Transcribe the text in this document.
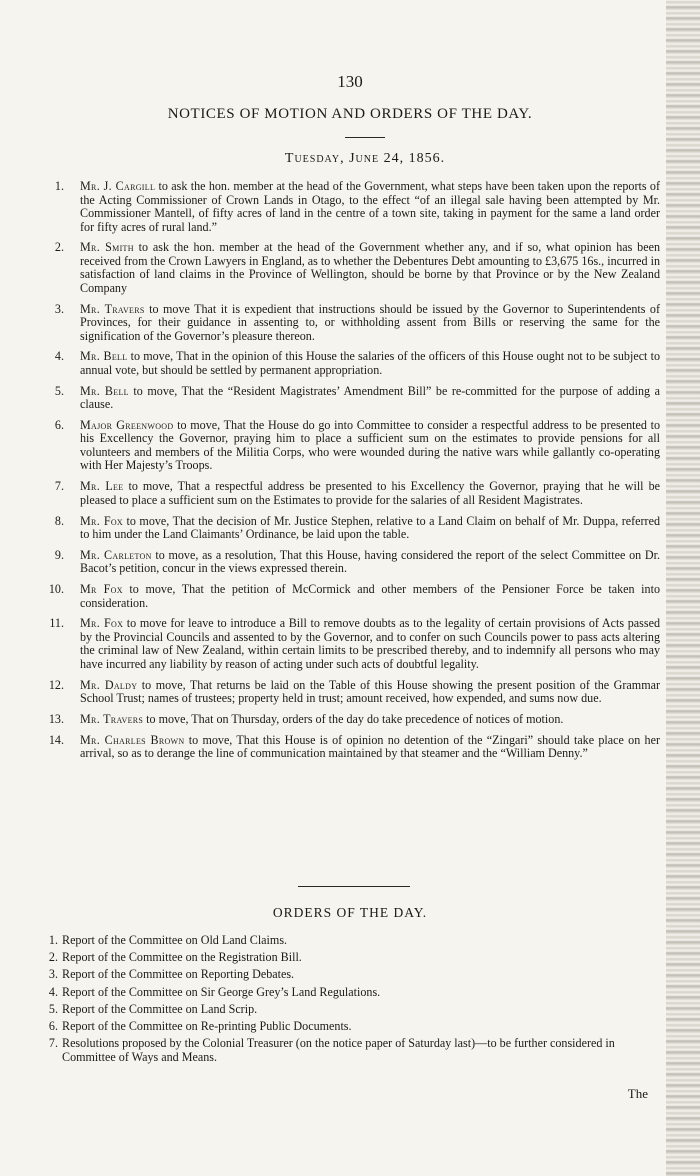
130
NOTICES OF MOTION AND ORDERS OF THE DAY.
Tuesday, June 24, 1856.
1. Mr. J. Cargill to ask the hon. member at the head of the Government, what steps have been taken upon the reports of the Acting Commissioner of Crown Lands in Otago, to the effect “of an illegal sale having been attempted by Mr. Commissioner Mantell, of fifty acres of land in the centre of a town site, taking in payment for the same a land order for fifty acres of rural land.”
2. Mr. Smith to ask the hon. member at the head of the Government whether any, and if so, what opinion has been received from the Crown Lawyers in England, as to whether the Debentures Debt amounting to £3,675 16s., incurred in satisfaction of land claims in the Province of Wellington, should be borne by that Province or by the New Zealand Company
3. Mr. Travers to move That it is expedient that instructions should be issued by the Governor to Superintendents of Provinces, for their guidance in assenting to, or withholding assent from Bills or reserving the same for the signification of the Governor’s pleasure thereon.
4. Mr. Bell to move, That in the opinion of this House the salaries of the officers of this House ought not to be subject to annual vote, but should be settled by permanent appropriation.
5. Mr. Bell to move, That the “Resident Magistrates’ Amendment Bill” be re-committed for the purpose of adding a clause.
6. Major Greenwood to move, That the House do go into Committee to consider a respectful address to be presented to his Excellency the Governor, praying him to place a sufficient sum on the estimates to provide pensions for all volunteers and members of the Militia Corps, who were wounded during the native wars while gallantly co-operating with Her Majesty’s Troops.
7. Mr. Lee to move, That a respectful address be presented to his Excellency the Governor, praying that he will be pleased to place a sufficient sum on the Estimates to provide for the salaries of all Resident Magistrates.
8. Mr. Fox to move, That the decision of Mr. Justice Stephen, relative to a Land Claim on behalf of Mr. Duppa, referred to him under the Land Claimants’ Ordinance, be laid upon the table.
9. Mr. Carleton to move, as a resolution, That this House, having considered the report of the select Committee on Dr. Bacot’s petition, concur in the views expressed therein.
10. Mr Fox to move, That the petition of McCormick and other members of the Pensioner Force be taken into consideration.
11. Mr. Fox to move for leave to introduce a Bill to remove doubts as to the legality of certain provisions of Acts passed by the Provincial Councils and assented to by the Governor, and to confer on such Councils power to pass acts altering the criminal law of New Zealand, within certain limits to be prescribed thereby, and to indemnify all persons who may have incurred any liability by reason of acting under such acts of doubtful legality.
12. Mr. Daldy to move, That returns be laid on the Table of this House showing the present position of the Grammar School Trust; names of trustees; property held in trust; amount received, how expended, and sums now due.
13. Mr. Travers to move, That on Thursday, orders of the day do take precedence of notices of motion.
14. Mr. Charles Brown to move, That this House is of opinion no detention of the “Zingari” should take place on her arrival, so as to derange the line of communication maintained by that steamer and the “William Denny.”
ORDERS OF THE DAY.
1. Report of the Committee on Old Land Claims.
2. Report of the Committee on the Registration Bill.
3. Report of the Committee on Reporting Debates.
4. Report of the Committee on Sir George Grey’s Land Regulations.
5. Report of the Committee on Land Scrip.
6. Report of the Committee on Re-printing Public Documents.
7. Resolutions proposed by the Colonial Treasurer (on the notice paper of Saturday last)—to be further considered in Committee of Ways and Means.
The
